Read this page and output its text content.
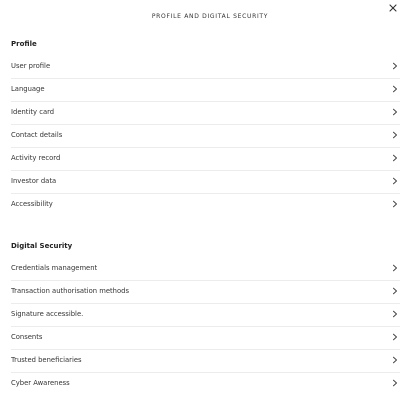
PROFILE AND DIGITAL SECURITY
Profile
User profile
Language
Identity card
Contact details
Activity record
Investor data
Accessibility
Digital Security
Credentials management
Transaction authorisation methods
Signature accessible.
Consents
Trusted beneficiaries
Cyber Awareness
